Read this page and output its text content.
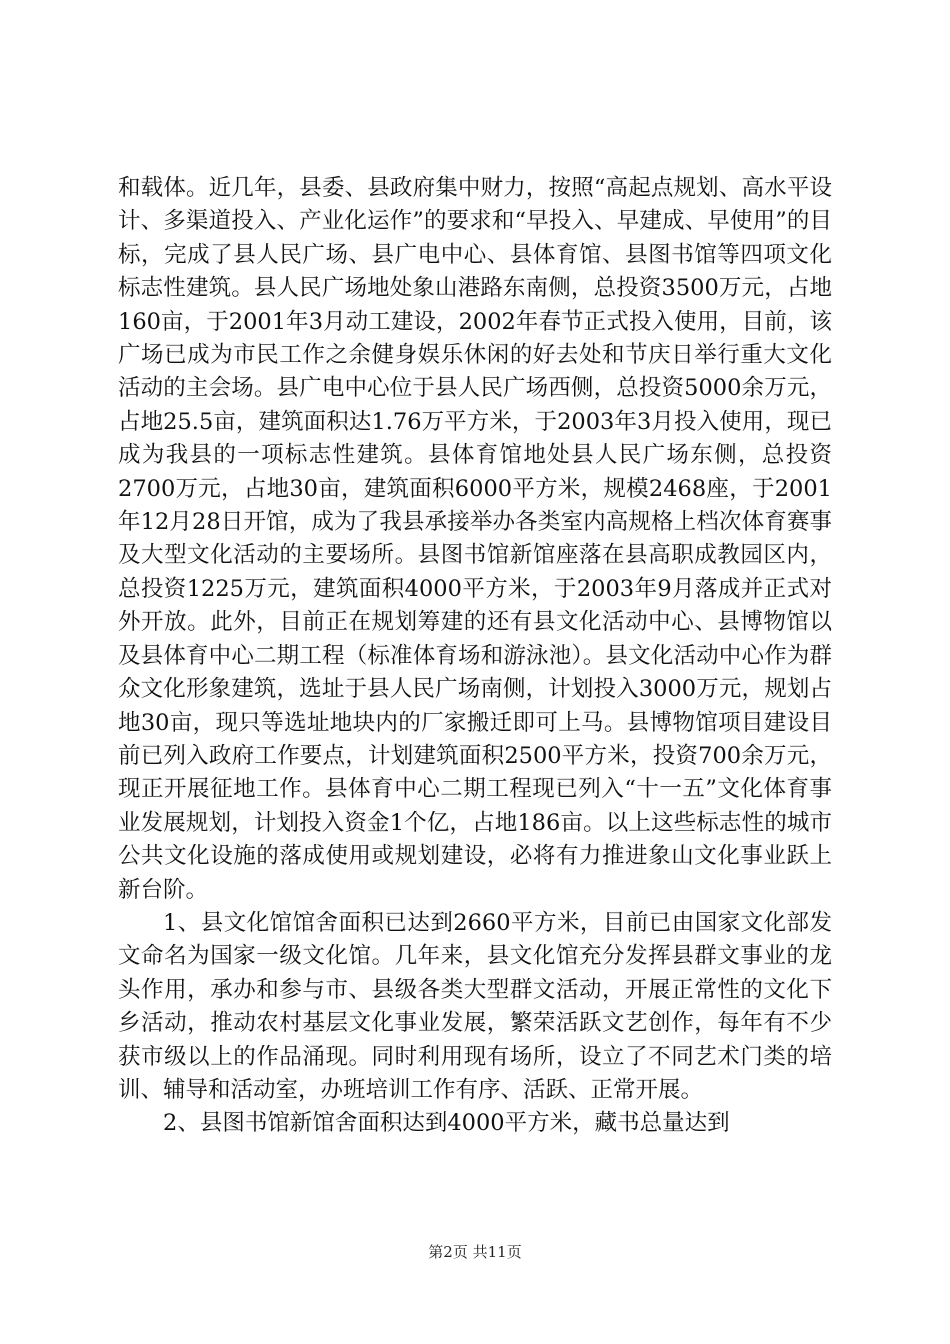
和载体。近几年，县委、县政府集中财力，按照“高起点规划、高水平设计、多渠道投入、产业化运作”的要求和“早投入、早建成、早使用”的目标，完成了县人民广场、县广电中心、县体育馆、县图书馆等四项文化标志性建筑。县人民广场地处象山港路东南侧，总投资3500万元，占地160亩，于2001年3月动工建设，2002年春节正式投入使用，目前，该广场已成为市民工作之余健身娱乐休闲的好去处和节庆日举行重大文化活动的主会场。县广电中心位于县人民广场西侧，总投资5000余万元，占地25.5亩，建筑面积达1.76万平方米，于2003年3月投入使用，现已成为我县的一项标志性建筑。县体育馆地处县人民广场东侧，总投资2700万元，占地30亩，建筑面积6000平方米，规模2468座，于2001年12月28日开馆，成为了我县承接举办各类室内高规格上档次体育赛事及大型文化活动的主要场所。县图书馆新馆座落在县高职成教园区内，总投资1225万元，建筑面积4000平方米，于2003年9月落成并正式对外开放。此外，目前正在规划筹建的还有县文化活动中心、县博物馆以及县体育中心二期工程（标准体育场和游泳池）。县文化活动中心作为群众文化形象建筑，选址于县人民广场南侧，计划投入3000万元，规划占地30亩，现只等选址地块内的厂家搬迁即可上马。县博物馆项目建设目前已列入政府工作要点，计划建筑面积2500平方米，投资700余万元，现正开展征地工作。县体育中心二期工程现已列入“十一五”文化体育事业发展规划，计划投入资金1个亿，占地186亩。以上这些标志性的城市公共文化设施的落成使用或规划建设，必将有力推进象山文化事业跃上新台阶。

1、县文化馆馆舍面积已达到2660平方米，目前已由国家文化部发文命名为国家一级文化馆。几年来，县文化馆充分发挥县群文事业的龙头作用，承办和参与市、县级各类大型群文活动，开展正常性的文化下乡活动，推动农村基层文化事业发展，繁荣活跃文艺创作，每年有不少获市级以上的作品涌现。同时利用现有场所，设立了不同艺术门类的培训、辅导和活动室，办班培训工作有序、活跃、正常开展。

2、县图书馆新馆舍面积达到4000平方米，藏书总量达到

第2页 共11页
